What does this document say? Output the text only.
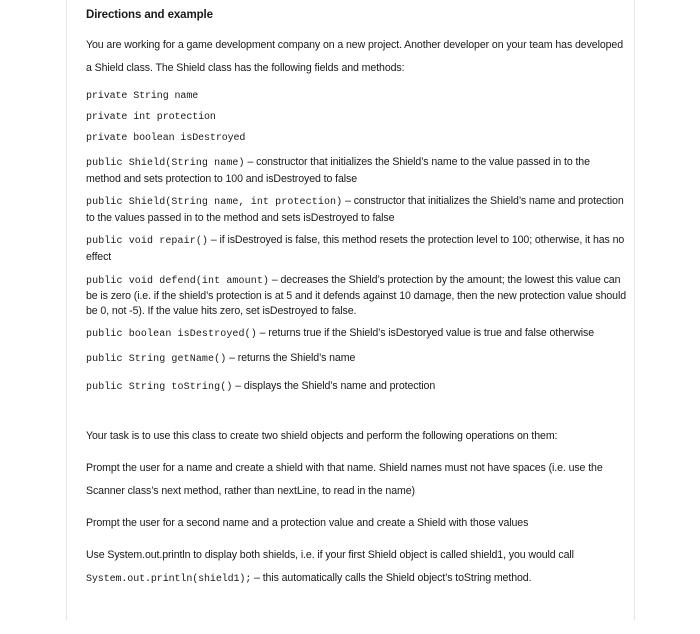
Directions and example

You are working for a game development company on a new project. Another developer on your team has developed a Shield class. The Shield class has the following fields and methods:

private String name

private int protection

private boolean isDestroyed

public Shield(String name) – constructor that initializes the Shield’s name to the value passed in to the method and sets protection to 100 and isDestroyed to false

public Shield(String name, int protection) – constructor that initializes the Shield’s name and protection to the values passed in to the method and sets isDestroyed to false

public void repair() – if isDestroyed is false, this method resets the protection level to 100; otherwise, it has no effect

public void defend(int amount) – decreases the Shield’s protection by the amount; the lowest this value can be is zero (i.e. if the shield’s protection is at 5 and it defends against 10 damage, then the new protection value should be 0, not -5). If the value hits zero, set isDestroyed to false.

public boolean isDestroyed() – returns true if the Shield’s isDestoryed value is true and false otherwise

public String getName() – returns the Shield’s name

public String toString() – displays the Shield’s name and protection

Your task is to use this class to create two shield objects and perform the following operations on them:

Prompt the user for a name and create a shield with that name. Shield names must not have spaces (i.e. use the Scanner class’s next method, rather than nextLine, to read in the name)

Prompt the user for a second name and a protection value and create a Shield with those values

Use System.out.println to display both shields, i.e. if your first Shield object is called shield1, you would call System.out.println(shield1); – this automatically calls the Shield object’s toString method.
